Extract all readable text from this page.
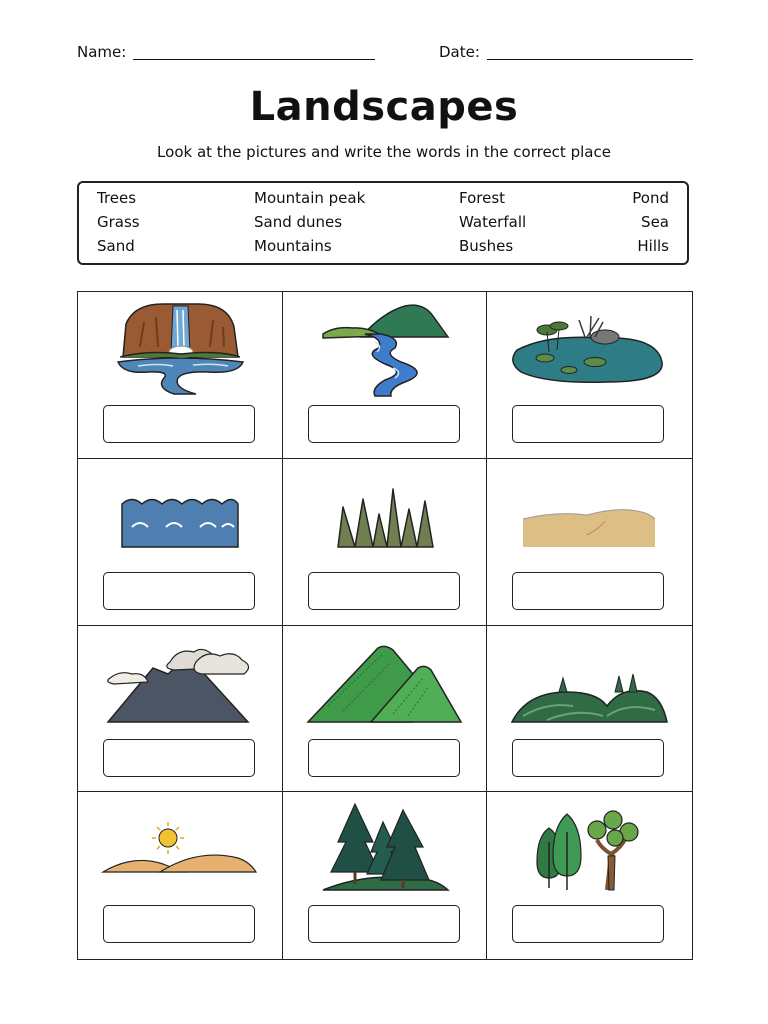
Name:	Date:
Landscapes
Look at the pictures and write the words in the correct place
Trees	Mountain peak	Forest	Pond
Grass	Sand dunes	Waterfall	Sea
Sand	Mountains	Bushes	Hills
